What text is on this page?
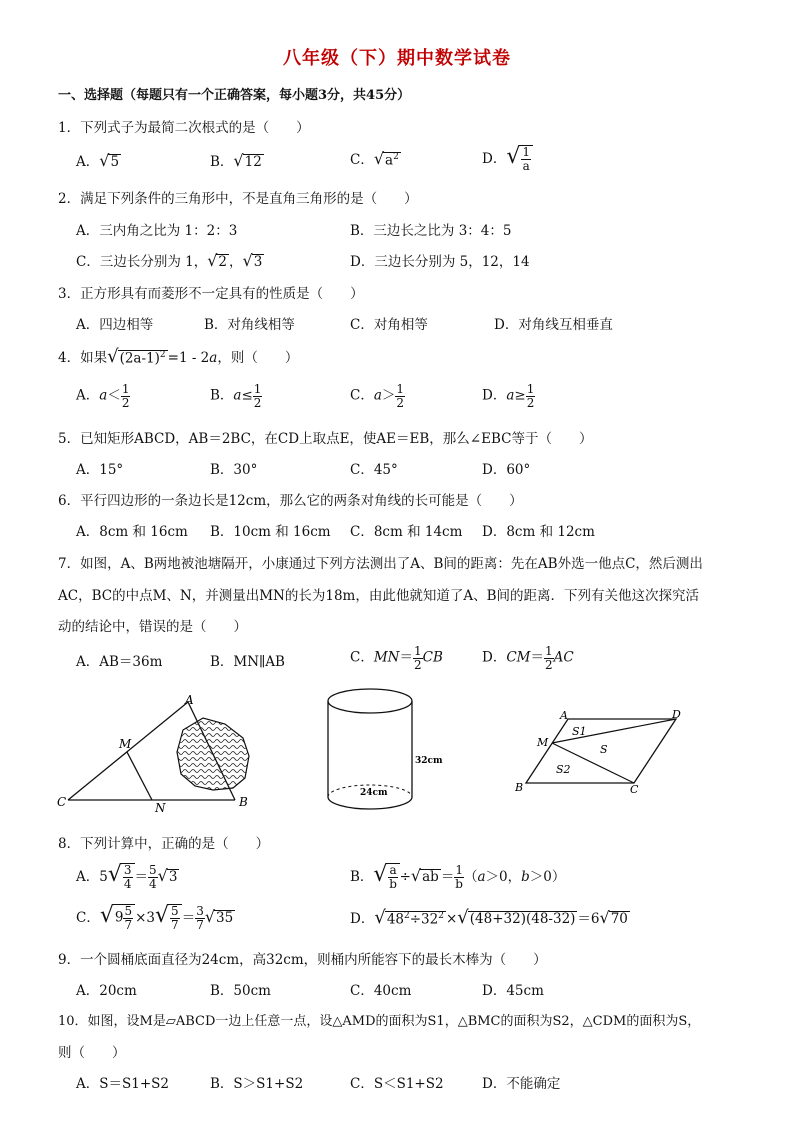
八年级（下）期中数学试卷
一、选择题（每题只有一个正确答案，每小题3分，共45分）
1．下列式子为最简二次根式的是（　　）
A．√5	B．√12	C．$√a^2$	D．√ $\frac{1}{a}$
2．满足下列条件的三角形中，不是直角三角形的是（　　）
A．三内角之比为 1：2：3	B．三边长之比为 3：4：5
C．三边长分别为 1，√2 ，√3	D．三边长分别为 5，12，14
3．正方形具有而菱形不一定具有的性质是（　　）
A．四边相等	B．对角线相等	C．对角相等	D．对角线互相垂直
4．如果$√(2a-1)^2 =1 - 2a$，则（　　）
A．$a< \frac{1}{2}$	B．$a\le \frac{1}{2}$	C．$a> \frac{1}{2}$	D．$a\ge \frac{1}{2}$
5．已知矩形ABCD，AB＝2BC，在CD上取点E，使AE＝EB，那么∠EBC等于（　　）
A．15°	B．30°	C．45°	D．60°
6．平行四边形的一条边长是12cm，那么它的两条对角线的长可能是（　　）
A．8cm 和 16cm B．10cm 和 16cm C．8cm 和 14cm D．8cm 和 12cm
7．如图，A、B两地被池塘隔开，小康通过下列方法测出了A、B间的距离：先在AB外选一他点C，然后测出
AC，BC的中点M、N，并测量出MN的长为18m，由此他就知道了A、B间的距离．下列有关他这次探究活
动的结论中，错误的是（　　）
A．AB＝36m	B．MN∥AB	C．$MN= \frac{1}{2}$ CB	D．$CM= \frac{1}{2}$ AC
A
M
C	N	B
32cm
24cm
A	D
M
S1
S
S2
B	C
8．下列计算中，正确的是（　　）
A．$5√ \frac{3}{4} = \frac{5}{4} √3$	B．√ $\frac{a}{b} \div√ab = \frac{1}{b} (a>0$，b＞0）
C．$√9 \frac{5}{7} \times 3√ \frac{5}{7} = \frac{3}{7} √35$	D．$√48^2\div 32^2 \times√(48+32)(48-32) =6√70$
9．一个圆桶底面直径为24cm，高32cm，则桶内所能容下的最长木棒为（　　）
A．20cm	B．50cm	C．40cm	D．45cm
10．如图，设M是▱ABCD一边上任意一点，设△AMD的面积为S1，△BMC的面积为S2，△CDM的面积为S，
则（　　）
A．S＝S1+S2	B．S＞S1+S2	C．S＜S1+S2	D．不能确定
